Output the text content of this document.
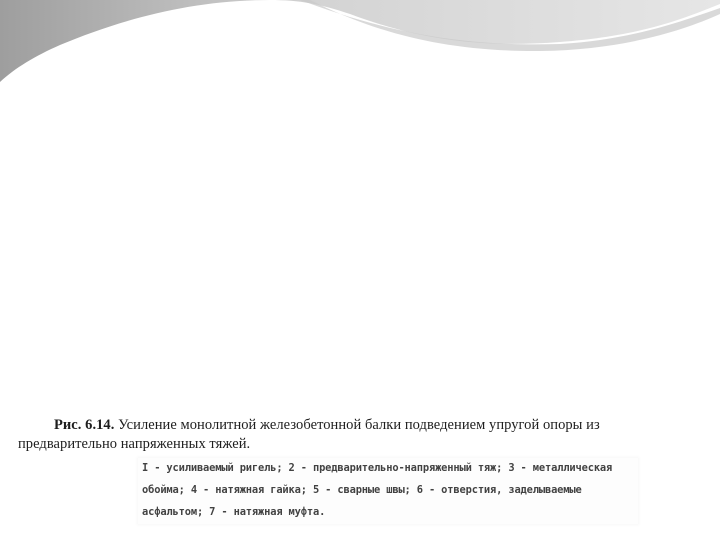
Рис. 6.14. Усиление монолитной железобетонной балки подведением упругой опоры из предварительно напряженных тяжей.
I - усиливаемый ригель; 2 - предварительно-напряженный тяж; 3 - металлическая
обойма; 4 - натяжная гайка; 5 - сварные швы; 6 - отверстия, заделываемые
асфальтом; 7 - натяжная муфта.
